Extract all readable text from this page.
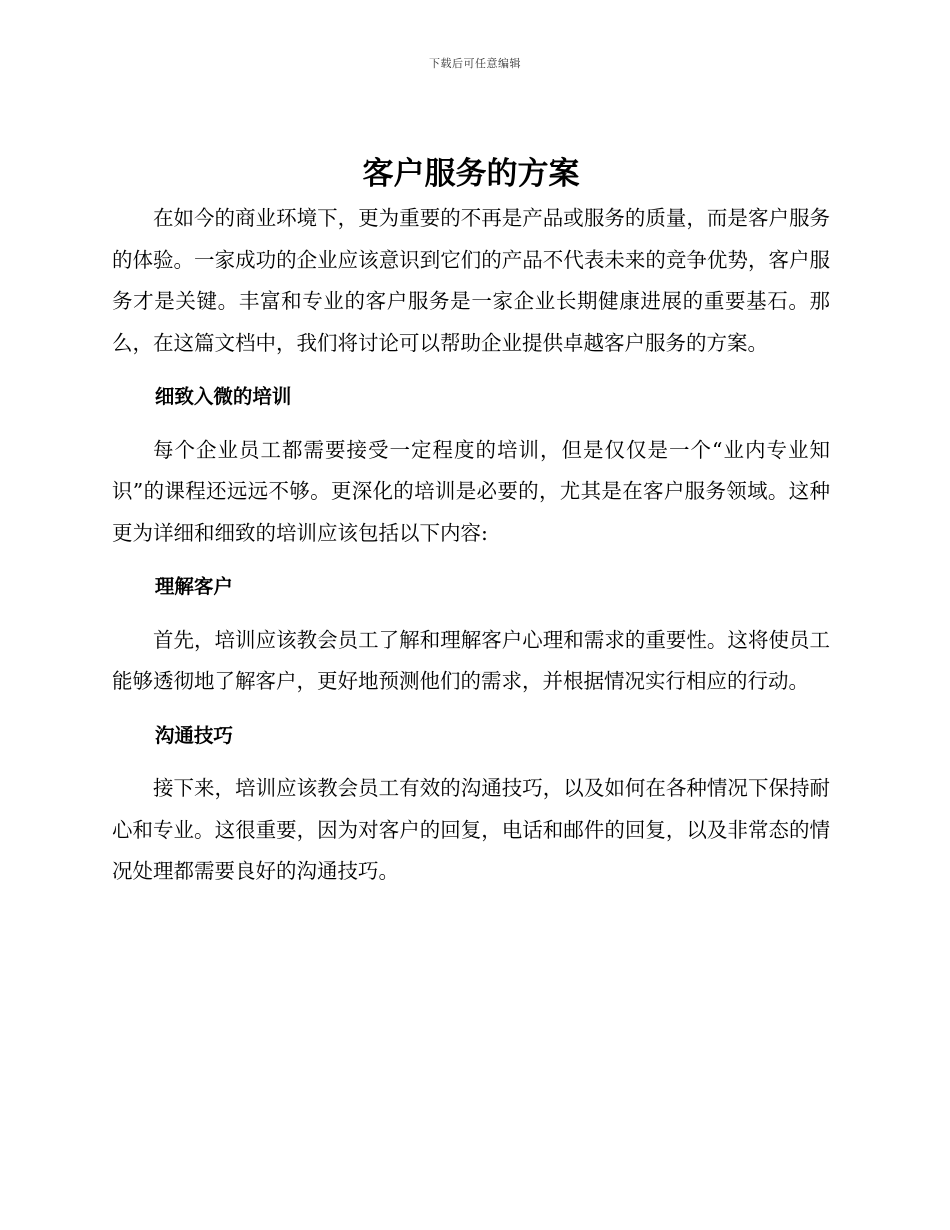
下载后可任意编辑
客户服务的方案

在如今的商业环境下，更为重要的不再是产品或服务的质量，而是客户服务的体验。一家成功的企业应该意识到它们的产品不代表未来的竞争优势，客户服务才是关键。丰富和专业的客户服务是一家企业长期健康进展的重要基石。那么，在这篇文档中，我们将讨论可以帮助企业提供卓越客户服务的方案。

细致入微的培训

每个企业员工都需要接受一定程度的培训，但是仅仅是一个“业内专业知识”的课程还远远不够。更深化的培训是必要的，尤其是在客户服务领域。这种更为详细和细致的培训应该包括以下内容:

理解客户

首先，培训应该教会员工了解和理解客户心理和需求的重要性。这将使员工能够透彻地了解客户，更好地预测他们的需求，并根据情况实行相应的行动。

沟通技巧

接下来，培训应该教会员工有效的沟通技巧，以及如何在各种情况下保持耐心和专业。这很重要，因为对客户的回复，电话和邮件的回复，以及非常态的情况处理都需要良好的沟通技巧。
